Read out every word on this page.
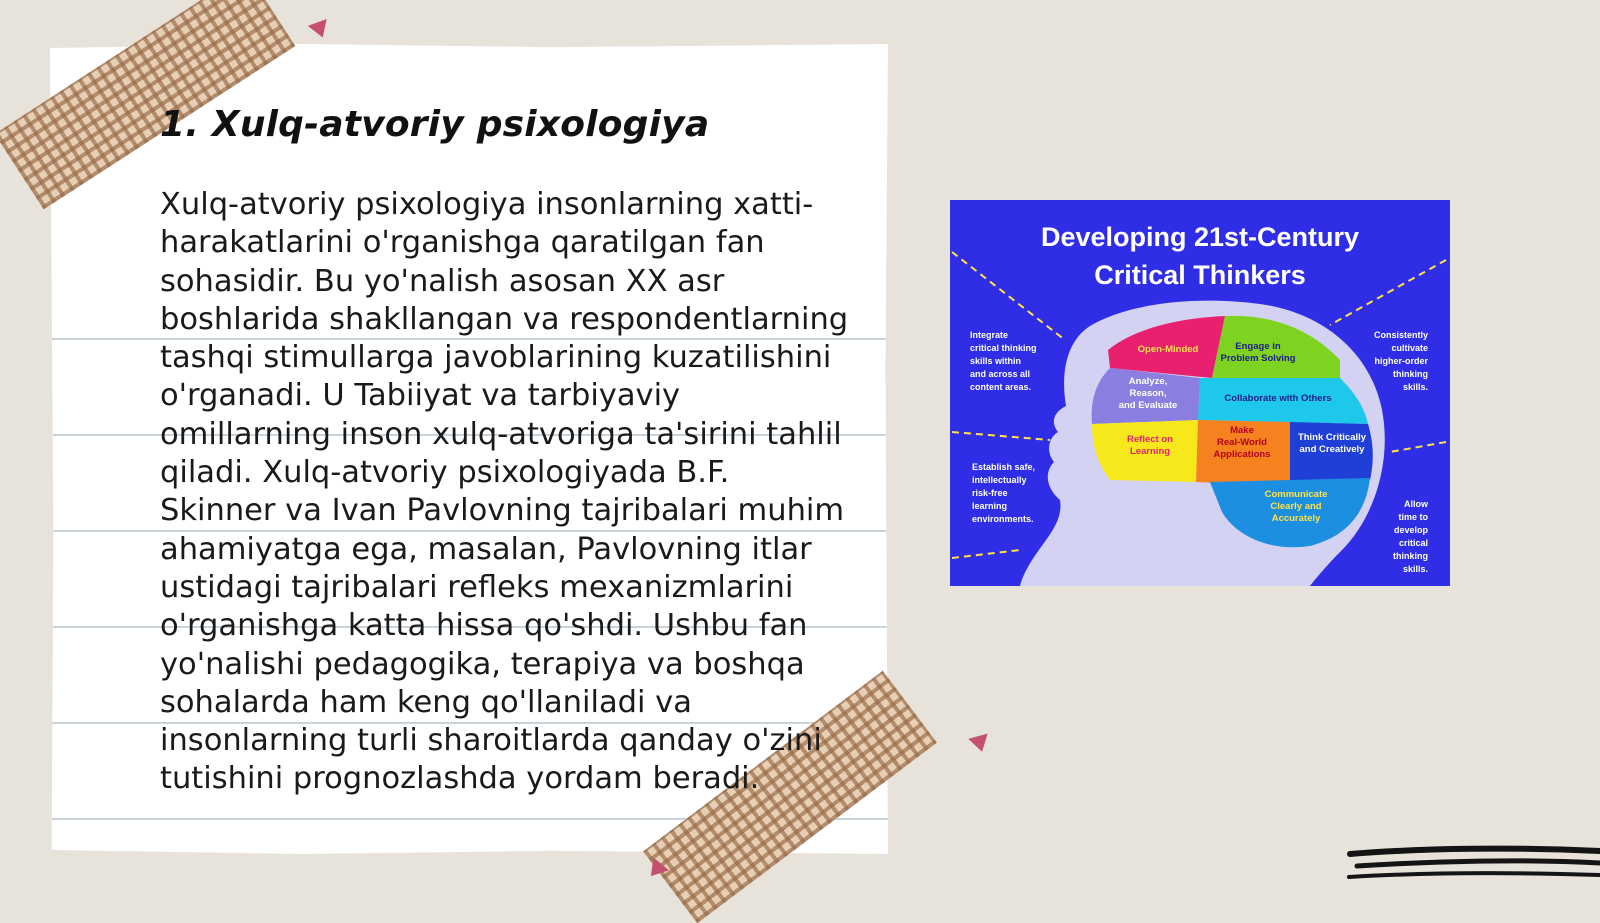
1. Xulq-atvoriy psixologiya

Xulq-atvoriy psixologiya insonlarning xatti-harakatlarini o'rganishga qaratilgan fan sohasidir. Bu yo'nalish asosan XX asr boshlarida shakllangan va respondentlarning tashqi stimullarga javoblarining kuzatilishini o'rganadi. U Tabiiyat va tarbiyaviy omillarning inson xulq-atvoriga ta'sirini tahlil qiladi. Xulq-atvoriy psixologiyada B.F. Skinner va Ivan Pavlovning tajribalari muhim ahamiyatga ega, masalan, Pavlovning itlar ustidagi tajribalari refleks mexanizmlarini o'rganishga katta hissa qo'shdi. Ushbu fan yo'nalishi pedagogika, terapiya va boshqa sohalarda ham keng qo'llaniladi va insonlarning turli sharoitlarda qanday o'zini tutishini prognozlashda yordam beradi.

Developing 21st-Century
Critical Thinkers
Integrate
critical thinking
skills within
and across all
content areas.
Establish safe,
intellectually
risk-free
learning
environments.
Consistently
cultivate
higher-order
thinking
skills.
Allow
time to
develop
critical
thinking
skills.
Open-Minded	Engage in
Problem Solving
Analyze,
Reason,
and Evaluate
Collaborate with Others
Reflect on
Learning
Make
Real-World
Applications
Think Critically
and Creatively
Communicate
Clearly and
Accurately
